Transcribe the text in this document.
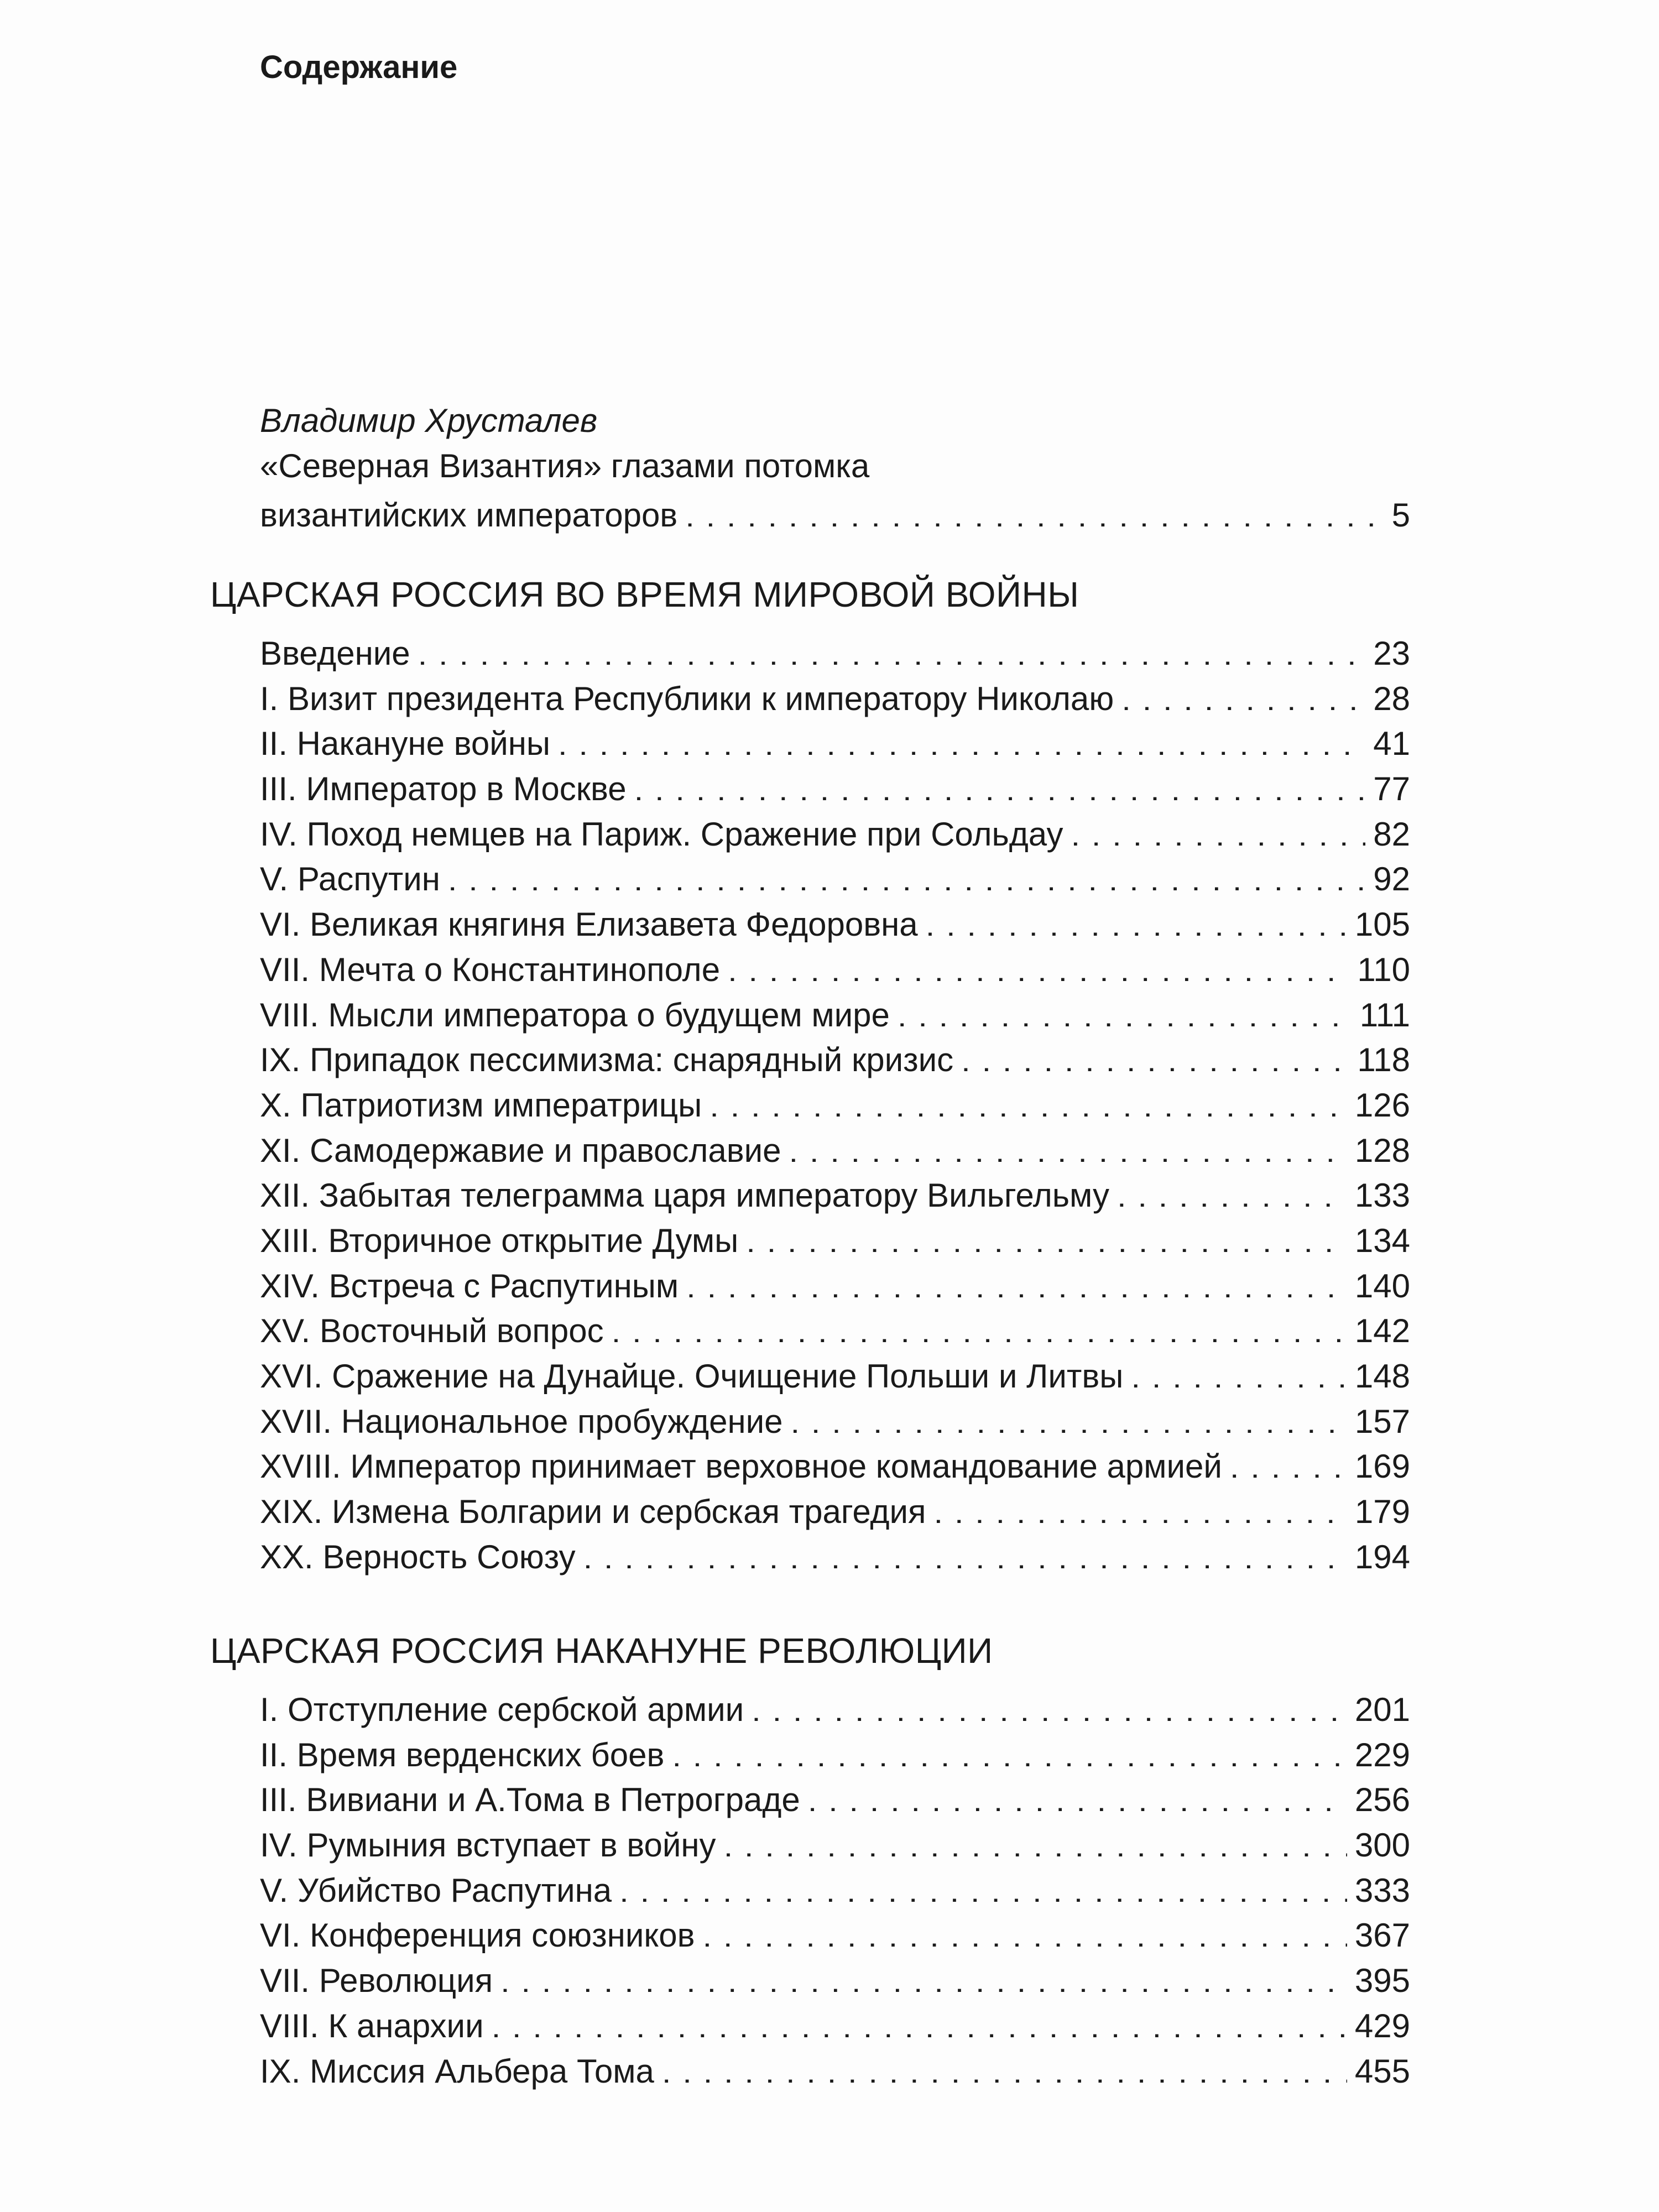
Содержание
Владимир Хрусталев
«Северная Византия» глазами потомка
византийских императоров . . .	5
ЦАРСКАЯ РОССИЯ ВО ВРЕМЯ МИРОВОЙ ВОЙНЫ
Введение . . .	23
I. Визит президента Республики к императору Николаю . . .	28
II. Накануне войны . . .	41
III. Император в Москве . . .	77
IV. Поход немцев на Париж. Сражение при Сольдау . . .	82
V. Распутин . . .	92
VI. Великая княгиня Елизавета Федоровна . . .	105
VII. Мечта о Константинополе . . .	110
VIII. Мысли императора о будущем мире . . .	111
IX. Припадок пессимизма: снарядный кризис . . .	118
X. Патриотизм императрицы . . .	126
XI. Самодержавие и православие . . .	128
XII. Забытая телеграмма царя императору Вильгельму . . .	133
XIII. Вторичное открытие Думы . . .	134
XIV. Встреча с Распутиным . . .	140
XV. Восточный вопрос . . .	142
XVI. Сражение на Дунайце. Очищение Польши и Литвы . . .	148
XVII. Национальное пробуждение . . .	157
XVIII. Император принимает верховное командование армией . . .	169
XIX. Измена Болгарии и сербская трагедия . . .	179
XX. Верность Союзу . . .	194
ЦАРСКАЯ РОССИЯ НАКАНУНЕ РЕВОЛЮЦИИ
I. Отступление сербской армии . . .	201
II. Время верденских боев . . .	229
III. Вивиани и А.Тома в Петрограде . . .	256
IV. Румыния вступает в войну . . .	300
V. Убийство Распутина . . .	333
VI. Конференция союзников . . .	367
VII. Революция . . .	395
VIII. К анархии . . .	429
IX. Миссия Альбера Тома . . .	455
